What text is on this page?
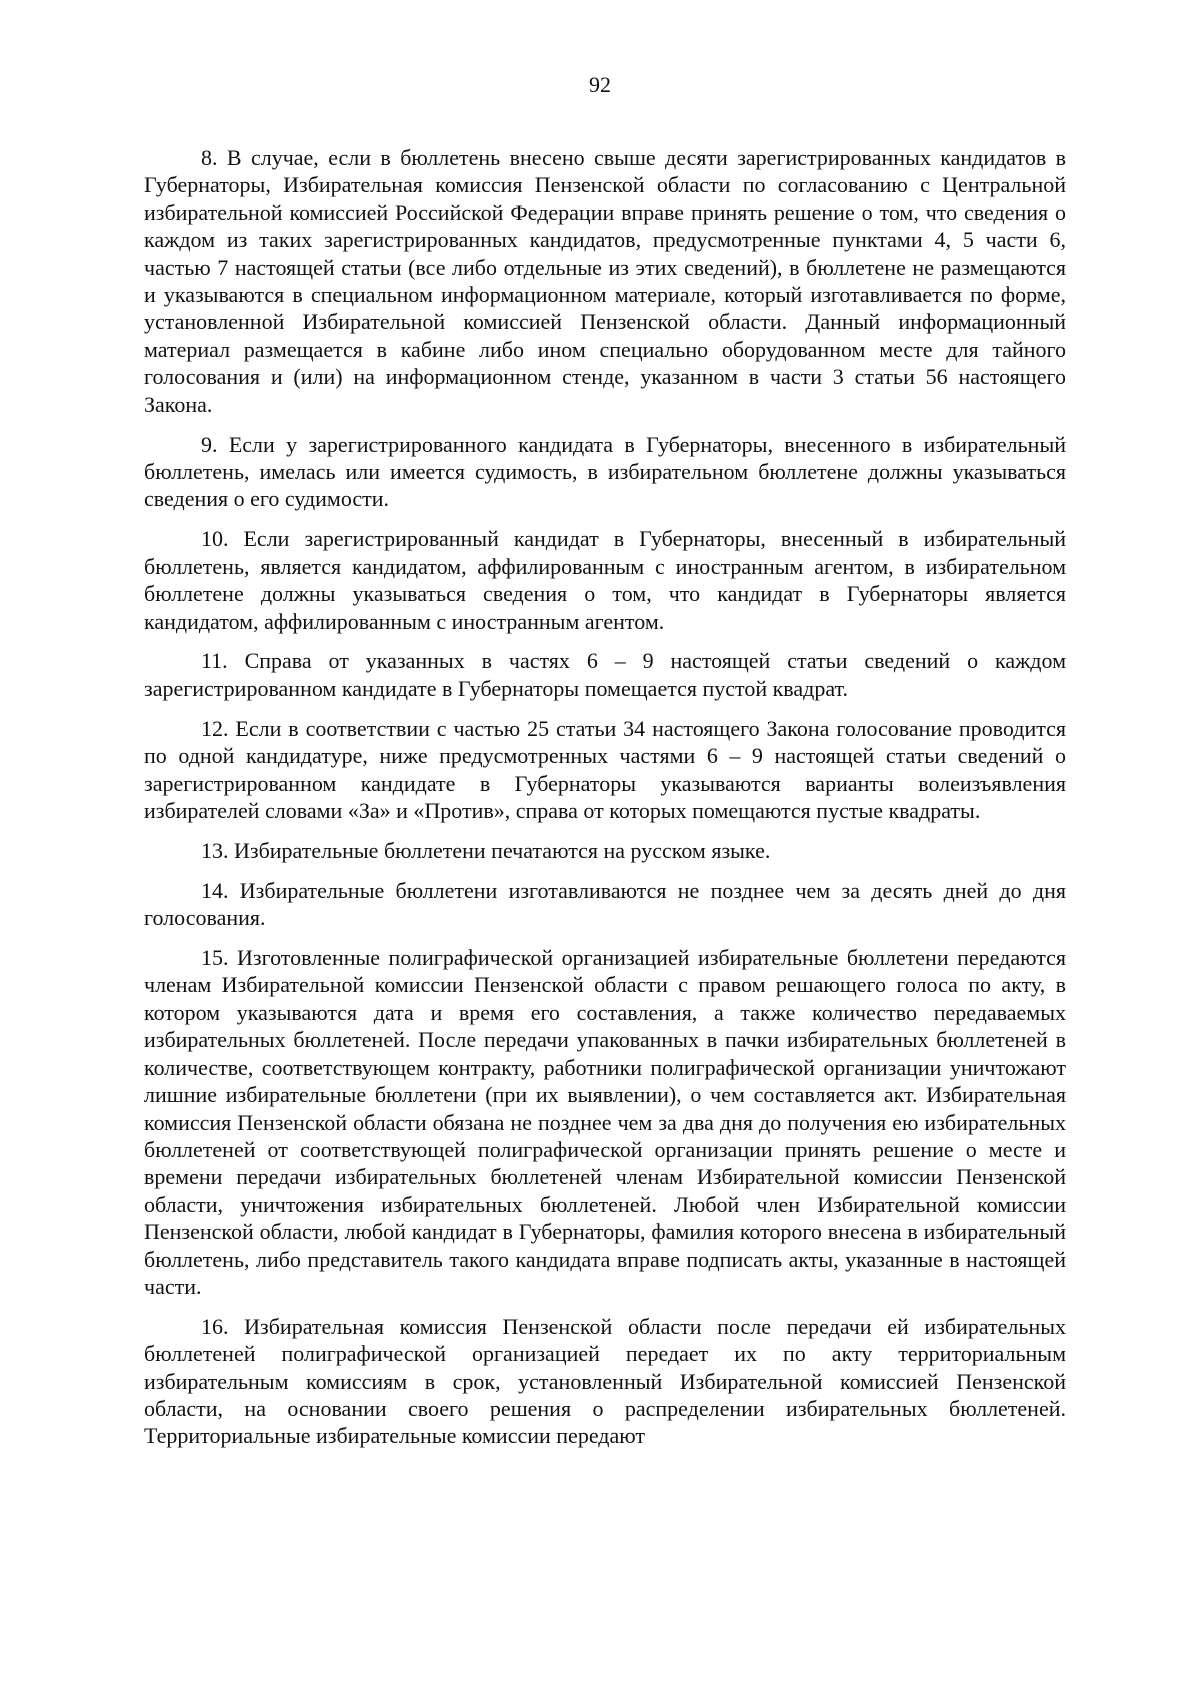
92

8. В случае, если в бюллетень внесено свыше десяти зарегистрированных кандидатов в Губернаторы, Избирательная комиссия Пензенской области по согласованию с Центральной избирательной комиссией Российской Федерации вправе принять решение о том, что сведения о каждом из таких зарегистрированных кандидатов, предусмотренные пунктами 4, 5 части 6, частью 7 настоящей статьи (все либо отдельные из этих сведений), в бюллетене не размещаются и указываются в специальном информационном материале, который изготавливается по форме, установленной Избирательной комиссией Пензенской области. Данный информационный материал размещается в кабине либо ином специально оборудованном месте для тайного голосования и (или) на информационном стенде, указанном в части 3 статьи 56 настоящего Закона.

9. Если у зарегистрированного кандидата в Губернаторы, внесенного в избирательный бюллетень, имелась или имеется судимость, в избирательном бюллетене должны указываться сведения о его судимости.

10. Если зарегистрированный кандидат в Губернаторы, внесенный в избирательный бюллетень, является кандидатом, аффилированным с иностранным агентом, в избирательном бюллетене должны указываться сведения о том, что кандидат в Губернаторы является кандидатом, аффилированным с иностранным агентом.

11. Справа от указанных в частях 6 – 9 настоящей статьи сведений о каждом зарегистрированном кандидате в Губернаторы помещается пустой квадрат.

12. Если в соответствии с частью 25 статьи 34 настоящего Закона голосование проводится по одной кандидатуре, ниже предусмотренных частями 6 – 9 настоящей статьи сведений о зарегистрированном кандидате в Губернаторы указываются варианты волеизъявления избирателей словами «За» и «Против», справа от которых помещаются пустые квадраты.

13. Избирательные бюллетени печатаются на русском языке.

14. Избирательные бюллетени изготавливаются не позднее чем за десять дней до дня голосования.

15. Изготовленные полиграфической организацией избирательные бюллетени передаются членам Избирательной комиссии Пензенской области с правом решающего голоса по акту, в котором указываются дата и время его составления, а также количество передаваемых избирательных бюллетеней. После передачи упакованных в пачки избирательных бюллетеней в количестве, соответствующем контракту, работники полиграфической организации уничтожают лишние избирательные бюллетени (при их выявлении), о чем составляется акт. Избирательная комиссия Пензенской области обязана не позднее чем за два дня до получения ею избирательных бюллетеней от соответствующей полиграфической организации принять решение о месте и времени передачи избирательных бюллетеней членам Избирательной комиссии Пензенской области, уничтожения избирательных бюллетеней. Любой член Избирательной комиссии Пензенской области, любой кандидат в Губернаторы, фамилия которого внесена в избирательный бюллетень, либо представитель такого кандидата вправе подписать акты, указанные в настоящей части.

16. Избирательная комиссия Пензенской области после передачи ей избирательных бюллетеней полиграфической организацией передает их по акту территориальным избирательным комиссиям в срок, установленный Избирательной комиссией Пензенской области, на основании своего решения о распределении избирательных бюллетеней. Территориальные избирательные комиссии передают
